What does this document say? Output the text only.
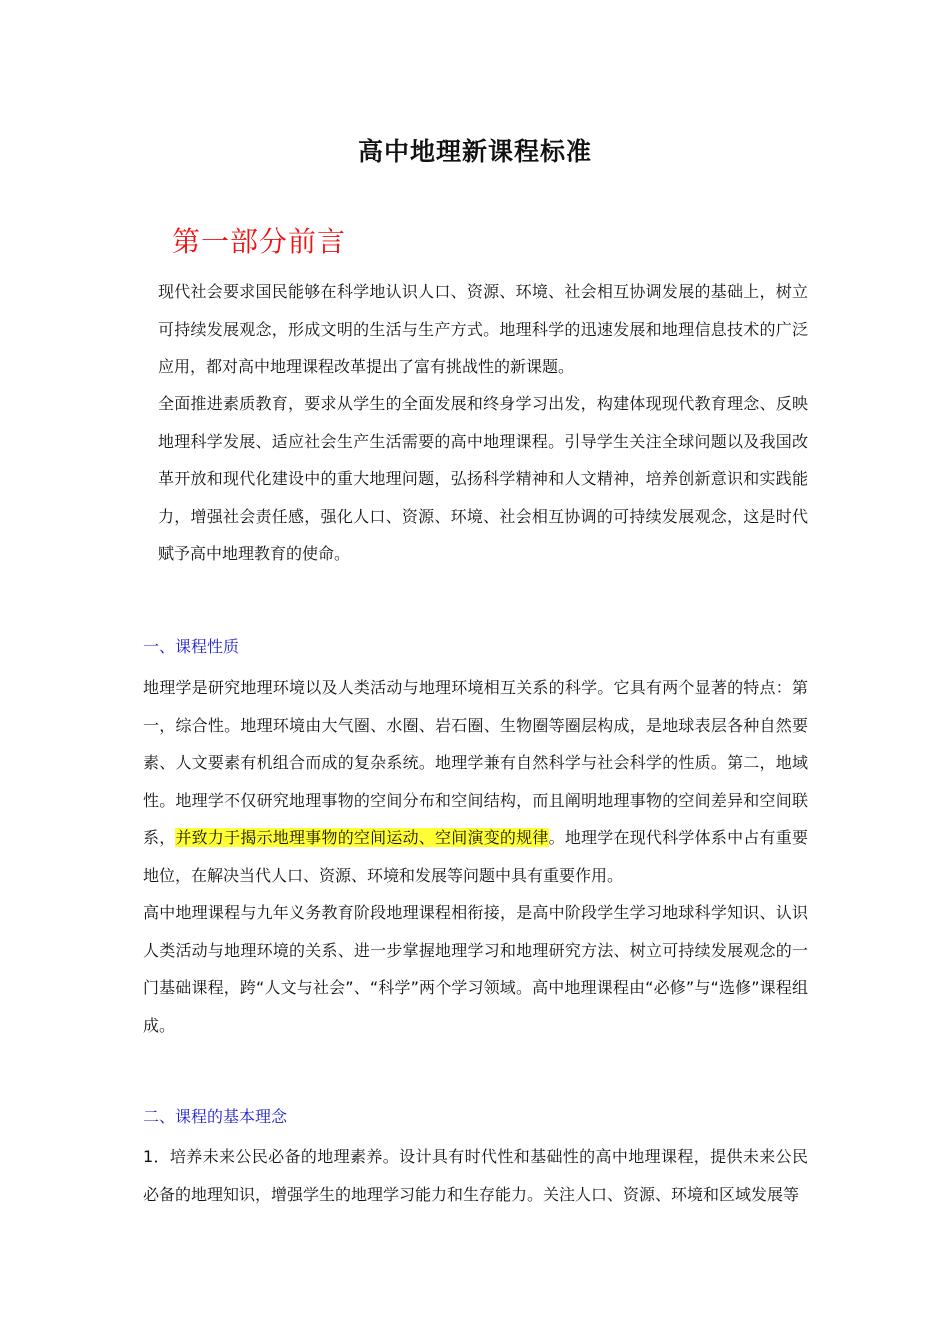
高中地理新课程标准
第一部分前言

现代社会要求国民能够在科学地认识人口、资源、环境、社会相互协调发展的基础上，树立可持续发展观念，形成文明的生活与生产方式。地理科学的迅速发展和地理信息技术的广泛应用，都对高中地理课程改革提出了富有挑战性的新课题。

全面推进素质教育，要求从学生的全面发展和终身学习出发，构建体现现代教育理念、反映地理科学发展、适应社会生产生活需要的高中地理课程。引导学生关注全球问题以及我国改革开放和现代化建设中的重大地理问题，弘扬科学精神和人文精神，培养创新意识和实践能力，增强社会责任感，强化人口、资源、环境、社会相互协调的可持续发展观念，这是时代赋予高中地理教育的使命。

一、课程性质

地理学是研究地理环境以及人类活动与地理环境相互关系的科学。它具有两个显著的特点：第一，综合性。地理环境由大气圈、水圈、岩石圈、生物圈等圈层构成，是地球表层各种自然要素、人文要素有机组合而成的复杂系统。地理学兼有自然科学与社会科学的性质。第二，地域性。地理学不仅研究地理事物的空间分布和空间结构，而且阐明地理事物的空间差异和空间联系，并致力于揭示地理事物的空间运动、空间演变的规律。地理学在现代科学体系中占有重要地位，在解决当代人口、资源、环境和发展等问题中具有重要作用。

高中地理课程与九年义务教育阶段地理课程相衔接，是高中阶段学生学习地球科学知识、认识人类活动与地理环境的关系、进一步掌握地理学习和地理研究方法、树立可持续发展观念的一门基础课程，跨“人文与社会”、“科学”两个学习领域。高中地理课程由“必修”与“选修”课程组成。

二、课程的基本理念

1．培养未来公民必备的地理素养。设计具有时代性和基础性的高中地理课程，提供未来公民必备的地理知识，增强学生的地理学习能力和生存能力。关注人口、资源、环境和区域发展等
